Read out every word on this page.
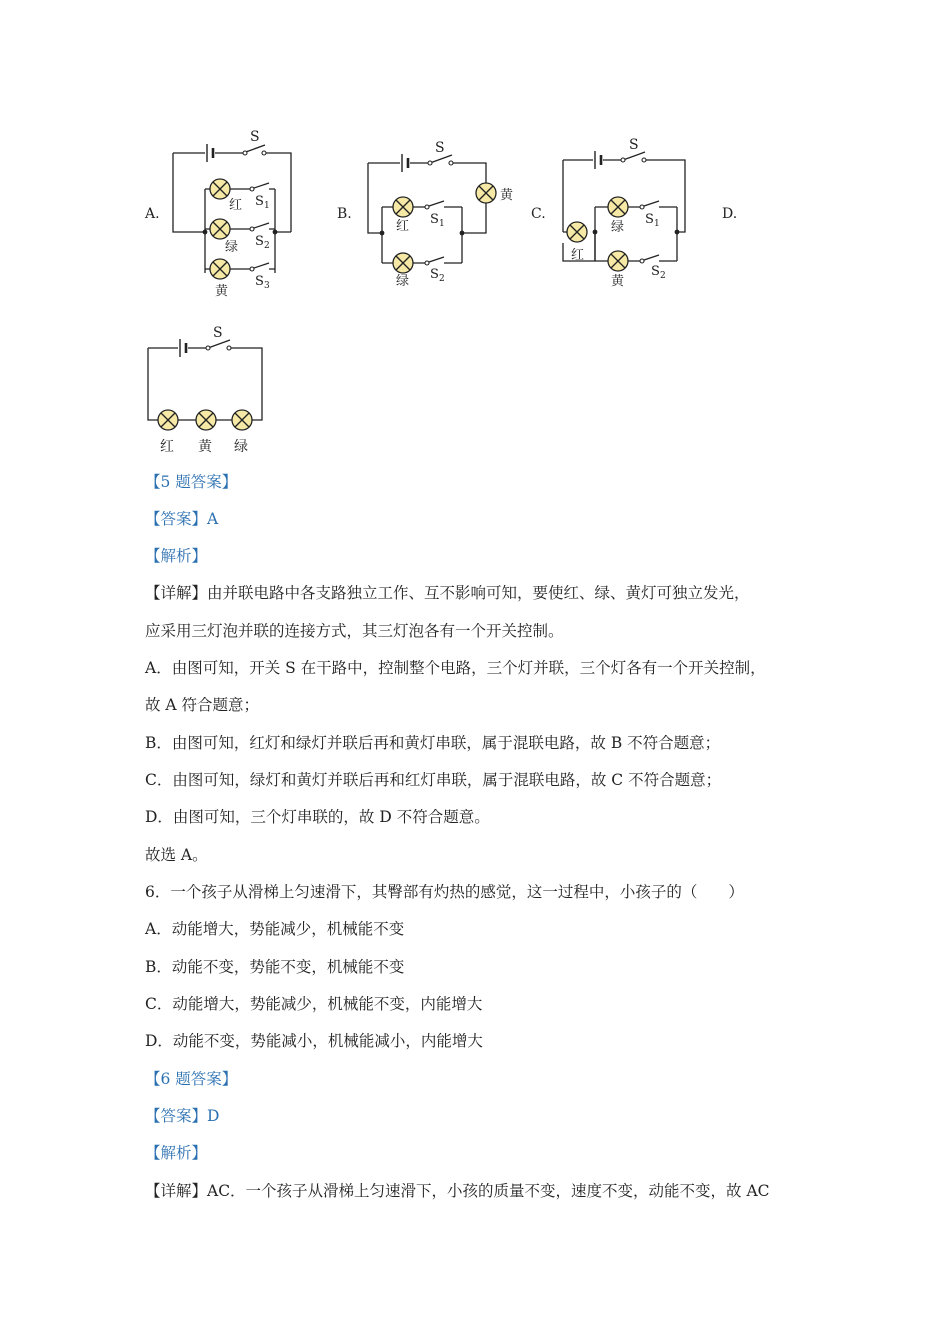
A.	B.	C.	D.
S
红 S 1
绿 S 2
黄
S 3
S
黄
红 S 1
绿 S 2
S
红
绿
S 1
黄
S 2
S
红 黄 绿
【5 题答案】
【答案】A
【解析】
【详解】由并联电路中各支路独立工作、互不影响可知，要使红、绿、黄灯可独立发光，
应采用三灯泡并联的连接方式，其三灯泡各有一个开关控制。
A．由图可知，开关 S 在干路中，控制整个电路，三个灯并联，三个灯各有一个开关控制，
故 A 符合题意；
B．由图可知，红灯和绿灯并联后再和黄灯串联，属于混联电路，故 B 不符合题意；
C．由图可知，绿灯和黄灯并联后再和红灯串联，属于混联电路，故 C 不符合题意；
D．由图可知，三个灯串联的，故 D 不符合题意。
故选 A。
6．一个孩子从滑梯上匀速滑下，其臀部有灼热的感觉，这一过程中，小孩子的（　　）
A．动能增大，势能减少，机械能不变
B．动能不变，势能不变，机械能不变
C．动能增大，势能减少，机械能不变，内能增大
D．动能不变，势能减小，机械能减小，内能增大
【6 题答案】
【答案】D
【解析】
【详解】AC．一个孩子从滑梯上匀速滑下，小孩的质量不变，速度不变，动能不变，故 AC
